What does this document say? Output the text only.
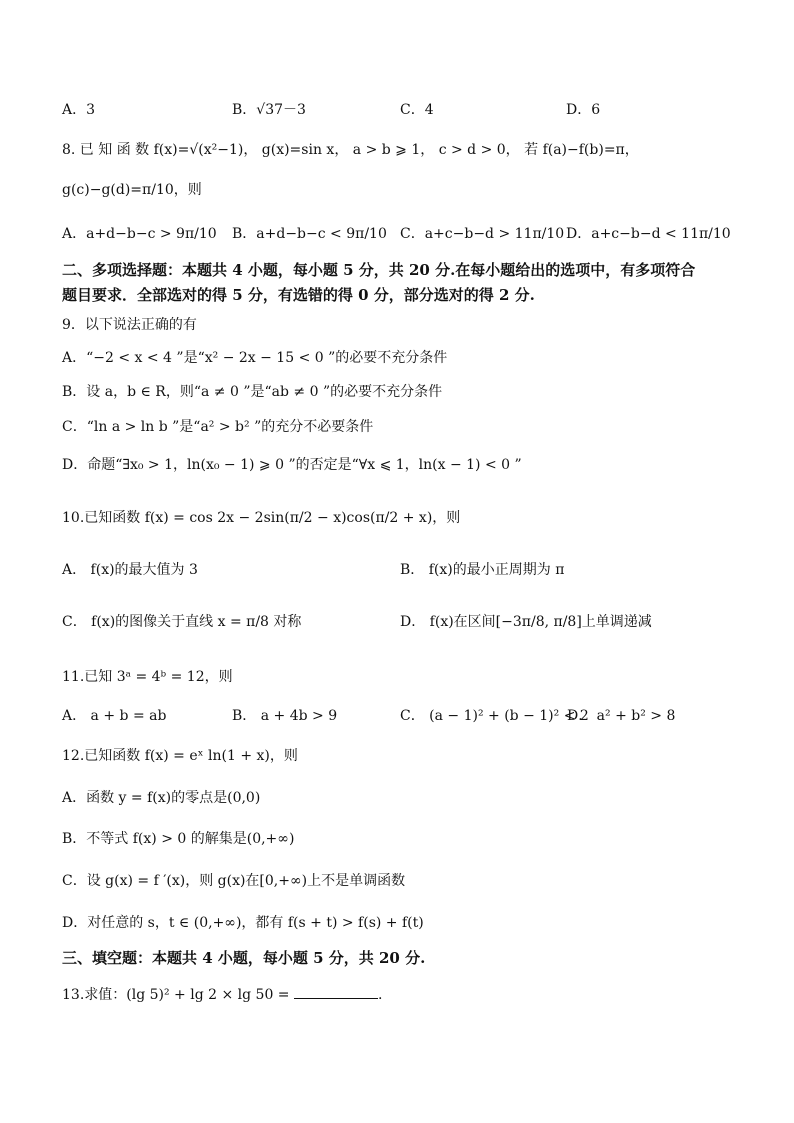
A．3	B．√37－3	C．4	D．6
8. 已 知 函 数 f(x)=√(x²−1)， g(x)=sin x， a > b ⩾ 1， c > d > 0， 若 f(a)−f(b)=π，
g(c)−g(d)=π/10，则
A．a+d−b−c > 9π/10 B．a+d−b−c < 9π/10 C．a+c−b−d > 11π/10 D．a+c−b−d < 11π/10
二、多项选择题：本题共 4 小题，每小题 5 分，共 20 分.在每小题给出的选项中，有多项符合
题目要求．全部选对的得 5 分，有选错的得 0 分，部分选对的得 2 分.
9．以下说法正确的有
A．“−2 < x < 4 ”是“x² − 2x − 15 < 0 ”的必要不充分条件
B．设 a，b ∈ R，则“a ≠ 0 ”是“ab ≠ 0 ”的必要不充分条件
C．“ln a > ln b ”是“a² > b² ”的充分不必要条件
D．命题“∃x₀ > 1，ln(x₀ − 1) ⩾ 0 ”的否定是“∀x ⩽ 1，ln(x − 1) < 0 ”
10.已知函数 f(x) = cos 2x − 2sin(π/2 − x)cos(π/2 + x)，则
A． f(x)的最大值为 3	B． f(x)的最小正周期为 π
C． f(x)的图像关于直线 x = π/8 对称	D． f(x)在区间[−3π/8, π/8]上单调递减
11.已知 3ᵃ = 4ᵇ = 12，则
A． a + b = ab	B． a + 4b > 9	C． (a − 1)² + (b − 1)² < 2
D． a² + b² > 8
12.已知函数 f(x) = eˣ ln(1 + x)，则
A．函数 y = f(x)的零点是(0,0)
B．不等式 f(x) > 0 的解集是(0,+∞)
C．设 g(x) = f ′(x)，则 g(x)在[0,+∞)上不是单调函数
D．对任意的 s，t ∈ (0,+∞)，都有 f(s + t) > f(s) + f(t)
三、填空题：本题共 4 小题，每小题 5 分，共 20 分.
13.求值：(lg 5)² + lg 2 × lg 50 =	.
